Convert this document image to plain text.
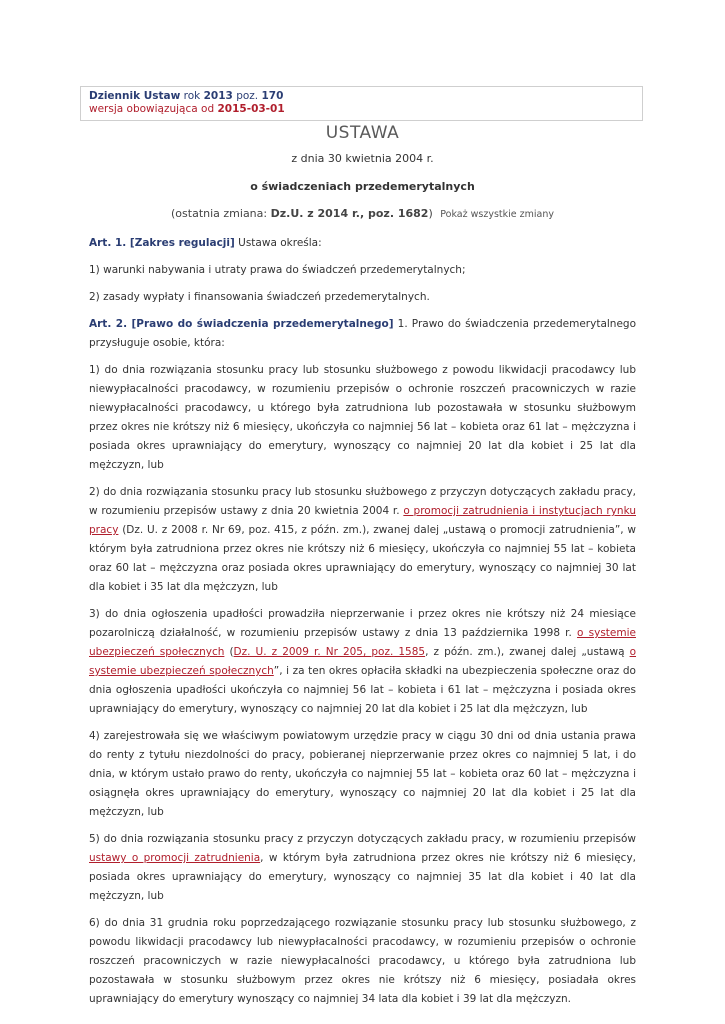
Dziennik Ustaw rok 2013 poz. 170
wersja obowiązująca od 2015-03-01
USTAWA
z dnia 30 kwietnia 2004 r.
o świadczeniach przedemerytalnych
(ostatnia zmiana: Dz.U. z 2014 r., poz. 1682) Pokaż wszystkie zmiany

Art. 1. [Zakres regulacji] Ustawa określa:

1) warunki nabywania i utraty prawa do świadczeń przedemerytalnych;

2) zasady wypłaty i finansowania świadczeń przedemerytalnych.

Art. 2. [Prawo do świadczenia przedemerytalnego] 1. Prawo do świadczenia przedemerytalnego przysługuje osobie, która:

1) do dnia rozwiązania stosunku pracy lub stosunku służbowego z powodu likwidacji pracodawcy lub niewypłacalności pracodawcy, w rozumieniu przepisów o ochronie roszczeń pracowniczych w razie niewypłacalności pracodawcy, u którego była zatrudniona lub pozostawała w stosunku służbowym przez okres nie krótszy niż 6 miesięcy, ukończyła co najmniej 56 lat – kobieta oraz 61 lat – mężczyzna i posiada okres uprawniający do emerytury, wynoszący co najmniej 20 lat dla kobiet i 25 lat dla mężczyzn, lub

2) do dnia rozwiązania stosunku pracy lub stosunku służbowego z przyczyn dotyczących zakładu pracy, w rozumieniu przepisów ustawy z dnia 20 kwietnia 2004 r. o promocji zatrudnienia i instytucjach rynku pracy (Dz. U. z 2008 r. Nr 69, poz. 415, z późn. zm.), zwanej dalej „ustawą o promocji zatrudnienia”, w którym była zatrudniona przez okres nie krótszy niż 6 miesięcy, ukończyła co najmniej 55 lat – kobieta oraz 60 lat – mężczyzna oraz posiada okres uprawniający do emerytury, wynoszący co najmniej 30 lat dla kobiet i 35 lat dla mężczyzn, lub

3) do dnia ogłoszenia upadłości prowadziła nieprzerwanie i przez okres nie krótszy niż 24 miesiące pozarolniczą działalność, w rozumieniu przepisów ustawy z dnia 13 października 1998 r. o systemie ubezpieczeń społecznych (Dz. U. z 2009 r. Nr 205, poz. 1585, z późn. zm.), zwanej dalej „ustawą o systemie ubezpieczeń społecznych”, i za ten okres opłaciła składki na ubezpieczenia społeczne oraz do dnia ogłoszenia upadłości ukończyła co najmniej 56 lat – kobieta i 61 lat – mężczyzna i posiada okres uprawniający do emerytury, wynoszący co najmniej 20 lat dla kobiet i 25 lat dla mężczyzn, lub

4) zarejestrowała się we właściwym powiatowym urzędzie pracy w ciągu 30 dni od dnia ustania prawa do renty z tytułu niezdolności do pracy, pobieranej nieprzerwanie przez okres co najmniej 5 lat, i do dnia, w którym ustało prawo do renty, ukończyła co najmniej 55 lat – kobieta oraz 60 lat – mężczyzna i osiągnęła okres uprawniający do emerytury, wynoszący co najmniej 20 lat dla kobiet i 25 lat dla mężczyzn, lub

5) do dnia rozwiązania stosunku pracy z przyczyn dotyczących zakładu pracy, w rozumieniu przepisów ustawy o promocji zatrudnienia, w którym była zatrudniona przez okres nie krótszy niż 6 miesięcy, posiada okres uprawniający do emerytury, wynoszący co najmniej 35 lat dla kobiet i 40 lat dla mężczyzn, lub

6) do dnia 31 grudnia roku poprzedzającego rozwiązanie stosunku pracy lub stosunku służbowego, z powodu likwidacji pracodawcy lub niewypłacalności pracodawcy, w rozumieniu przepisów o ochronie roszczeń pracowniczych w razie niewypłacalności pracodawcy, u którego była zatrudniona lub pozostawała w stosunku służbowym przez okres nie krótszy niż 6 miesięcy, posiadała okres uprawniający do emerytury wynoszący co najmniej 34 lata dla kobiet i 39 lat dla mężczyzn.
